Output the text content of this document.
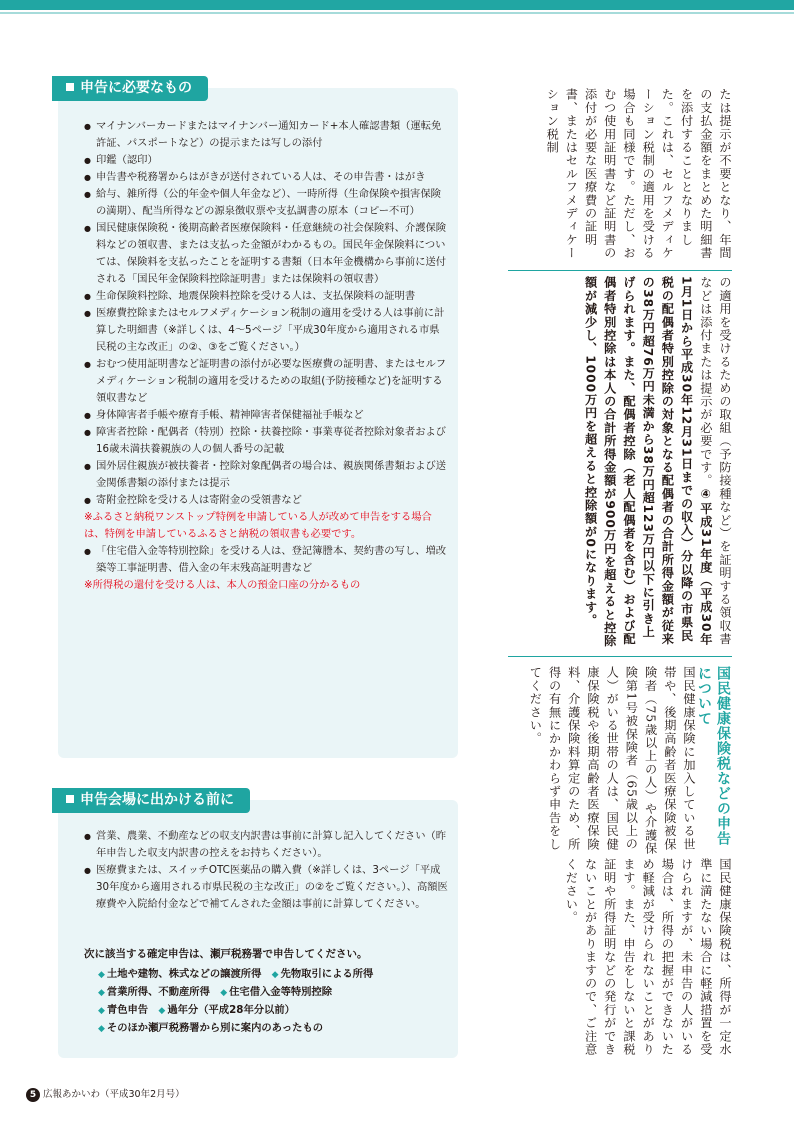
申告に必要なもの
● マイナンバーカードまたはマイナンバー通知カード+本人確認書類（運転免許証、パスポートなど）の提示または写しの添付
● 印鑑（認印）
● 申告書や税務署からはがきが送付されている人は、その申告書・はがき
● 給与、雑所得（公的年金や個人年金など）、一時所得（生命保険や損害保険の満期）、配当所得などの源泉徴収票や支払調書の原本（コピー不可）
● 国民健康保険税・後期高齢者医療保険料・任意継続の社会保険料、介護保険料などの領収書、または支払った金額がわかるもの。国民年金保険料については、保険料を支払ったことを証明する書類（日本年金機構から事前に送付される「国民年金保険料控除証明書」または保険料の領収書）
● 生命保険料控除、地震保険料控除を受ける人は、支払保険料の証明書
● 医療費控除またはセルフメディケーション税制の適用を受ける人は事前に計算した明細書（※詳しくは、4～5ページ「平成30年度から適用される市県民税の主な改正」の②、③をご覧ください。）
● おむつ使用証明書など証明書の添付が必要な医療費の証明書、またはセルフメディケーション税制の適用を受けるための取組(予防接種など)を証明する領収書など
● 身体障害者手帳や療育手帳、精神障害者保健福祉手帳など
● 障害者控除・配偶者（特別）控除・扶養控除・事業専従者控除対象者および16歳未満扶養親族の人の個人番号の記載
● 国外居住親族が被扶養者・控除対象配偶者の場合は、親族関係書類および送金関係書類の添付または提示
● 寄附金控除を受ける人は寄附金の受領書など
※ふるさと納税ワンストップ特例を申請している人が改めて申告をする場合は、特例を申請しているふるさと納税の領収書も必要です。
● 「住宅借入金等特別控除」を受ける人は、登記簿謄本、契約書の写し、増改築等工事証明書、借入金の年末残高証明書など
※所得税の還付を受ける人は、本人の預金口座の分かるもの
申告会場に出かける前に
● 営業、農業、不動産などの収支内訳書は事前に計算し記入してください（昨年申告した収支内訳書の控えをお持ちください）。
● 医療費または、スイッチOTC医薬品の購入費（※詳しくは、3ページ「平成30年度から適用される市県民税の主な改正」の②をご覧ください。）、高額医療費や入院給付金などで補てんされた金額は事前に計算してください。
次に該当する確定申告は、瀬戸税務署で申告してください。
◆ 土地や建物、株式などの譲渡所得　 ◆ 先物取引による所得
◆ 営業所得、不動産所得　 ◆ 住宅借入金等特別控除
◆ 青色申告　 ◆ 過年分（平成28年分以前）
◆ そのほか瀬戸税務署から別に案内のあったもの
たは提示が不要となり、年間の支払金額をまとめた明細書を添付することとなりました。これは、セルフメディケーション税制の適用を受ける場合も同様です。ただし、おむつ使用証明書など証明書の添付が必要な医療費の証明書、またはセルフメディケーション税制
の適用を受けるための取組（予防接種など）を証明する領収書などは添付または提示が必要です。④平成31年度（平成30年1月1日から平成30年12月31日までの収入）分以降の市県民税の配偶者特別控除の対象となる配偶者の合計所得金額が従来の38万円超76万円未満から38万円超123万円以下に引き上げられます。また、配偶者控除（老人配偶者を含む）および配偶者特別控除は本人の合計所得金額が900万円を超えると控除額が減少し、1000万円を超えると控除額が0になります。
国民健康保険税などの申告について
国民健康保険に加入している世帯や、後期高齢者医療保険被保険者（75歳以上の人）や介護保険第1号被保険者（65歳以上の人）がいる世帯の人は、国民健康保険税や後期高齢者医療保険料、介護保険料算定のため、所得の有無にかかわらず申告をしてください。
国民健康保険税は、所得が一定水準に満たない場合に軽減措置を受けられますが、未申告の人がいる場合は、所得の把握ができないため軽減が受けられないことがあります。また、申告をしないと課税証明や所得証明などの発行ができないことがありますので、ご注意ください。
5 広報あかいわ（平成30年2月号）
